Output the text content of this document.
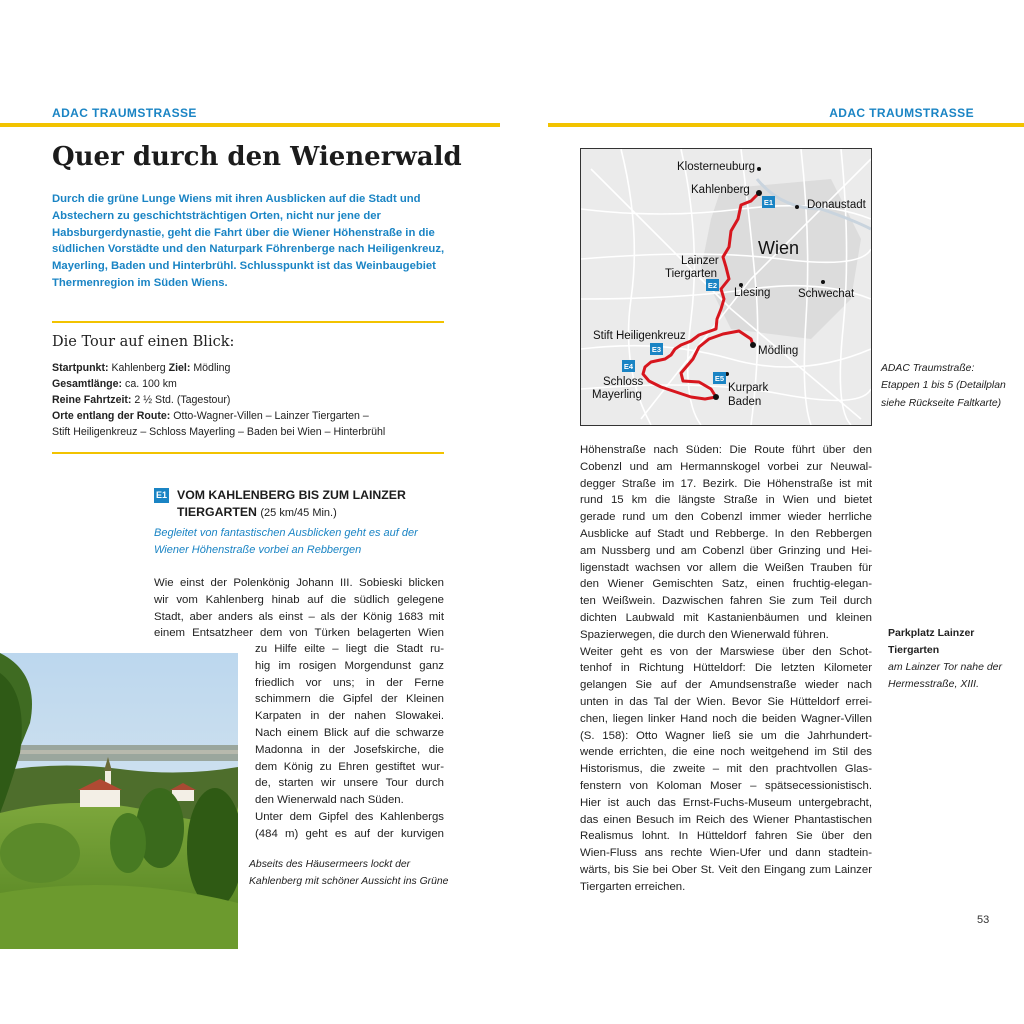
ADAC TRAUMSTRASSE	ADAC TRAUMSTRASSE
Quer durch den Wienerwald
Durch die grüne Lunge Wiens mit ihren Ausblicken auf die Stadt und Abstechern zu geschichtsträchtigen Orten, nicht nur jene der Habsburgerdynastie, geht die Fahrt über die Wiener Höhenstraße in die südlichen Vorstädte und den Naturpark Föhrenberge nach Heiligenkreuz, Mayerling, Baden und Hinterbrühl. Schlusspunkt ist das Weinbaugebiet Thermenregion im Süden Wiens.
Die Tour auf einen Blick:
Startpunkt: Kahlenberg Ziel: Mödling
Gesamtlänge: ca. 100 km
Reine Fahrtzeit: 2 ½ Std. (Tagestour)
Orte entlang der Route: Otto-Wagner-Villen – Lainzer Tiergarten –
Stift Heiligenkreuz – Schloss Mayerling – Baden bei Wien – Hinterbrühl
E1 VOM KAHLENBERG BIS ZUM LAINZER TIERGARTEN (25 km/45 Min.)
Begleitet von fantastischen Ausblicken geht es auf der Wiener Höhenstraße vorbei an Rebbergen
Wie einst der Polenkönig Johann III. Sobieski blicken
wir vom Kahlenberg hinab auf die südlich gelegene
Stadt, aber anders als einst – als der König 1683 mit
einem Entsatzheer dem von Türken belagerten Wien
zu Hilfe eilte – liegt die Stadt ru-
hig im rosigen Morgendunst ganz
friedlich vor uns; in der Ferne
schimmern die Gipfel der Kleinen
Karpaten in der nahen Slowakei.
Nach einem Blick auf die schwarze
Madonna in der Josefskirche, die
dem König zu Ehren gestiftet wur-
de, starten wir unsere Tour durch
den Wienerwald nach Süden.
Unter dem Gipfel des Kahlenbergs
(484 m) geht es auf der kurvigen
Abseits des Häusermeers lockt der Kahlenberg mit schöner Aussicht ins Grüne
E1
E2
E3
E4
E5
Klosterneuburg
Kahlenberg
Donaustadt
Wien
Lainzer
Tiergarten
Liesing Schwechat
Stift Heiligenkreuz
Mödling
Schloss
Mayerling
Kurpark
Baden
ADAC Traumstraße: Etappen 1 bis 5 (Detailplan siehe Rückseite Faltkarte)
Höhenstraße nach Süden: Die Route führt über den
Cobenzl und am Hermannskogel vorbei zur Neuwal-
degger Straße im 17. Bezirk. Die Höhenstraße ist mit
rund 15 km die längste Straße in Wien und bietet
gerade rund um den Cobenzl immer wieder herrliche
Ausblicke auf Stadt und Rebberge. In den Rebbergen
am Nussberg und am Cobenzl über Grinzing und Hei-
ligenstadt wachsen vor allem die Weißen Trauben für
den Wiener Gemischten Satz, einen fruchtig-elegan-
ten Weißwein. Dazwischen fahren Sie zum Teil durch
dichten Laubwald mit Kastanienbäumen und kleinen
Spazierwegen, die durch den Wienerwald führen.
Weiter geht es von der Marswiese über den Schot-
tenhof in Richtung Hütteldorf: Die letzten Kilometer
gelangen Sie auf der Amundsenstraße wieder nach
unten in das Tal der Wien. Bevor Sie Hütteldorf errei-
chen, liegen linker Hand noch die beiden Wagner-Villen
(S. 158): Otto Wagner ließ sie um die Jahrhundert-
wende errichten, die eine noch weitgehend im Stil des
Historismus, die zweite – mit den prachtvollen Glas-
fenstern von Koloman Moser – spätsecessionistisch.
Hier ist auch das Ernst-Fuchs-Museum untergebracht,
das einen Besuch im Reich des Wiener Phantastischen
Realismus lohnt. In Hütteldorf fahren Sie über den
Wien-Fluss ans rechte Wien-Ufer und dann stadtein-
wärts, bis Sie bei Ober St. Veit den Eingang zum Lainzer
Tiergarten erreichen.
Parkplatz Lainzer Tiergarten
am Lainzer Tor nahe der Hermesstraße, XIII.
53
